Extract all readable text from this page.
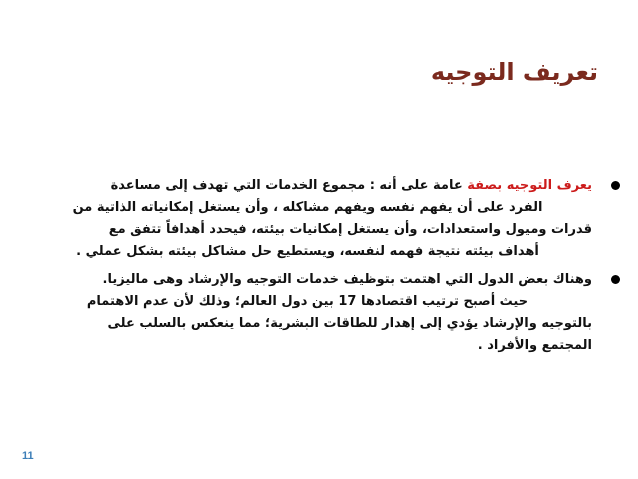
تعريف التوجيه
يعرف التوجيه بصفة عامة على أنه : مجموع الخدمات التي تهدف إلى مساعدة
الفرد على أن يفهم نفسه ويفهم مشاكله ، وأن يستغل إمكانياته الذاتية من
قدرات وميول واستعدادات، وأن يستغل إمكانيات بيئته، فيحدد أهدافاً تتفق مع
أهداف بيئته نتيجة فهمه لنفسه، ويستطيع حل مشاكل بيئته بشكل عملي .
وهناك بعض الدول التي اهتمت بتوظيف خدمات التوجيه والإرشاد وهى ماليزيا.
حيث أصبح ترتيب اقتصادها 17 بين دول العالم؛ وذلك لأن عدم الاهتمام
بالتوجيه والإرشاد يؤدي إلى إهدار للطاقات البشرية؛ مما ينعكس بالسلب على
المجتمع والأفراد .
11
